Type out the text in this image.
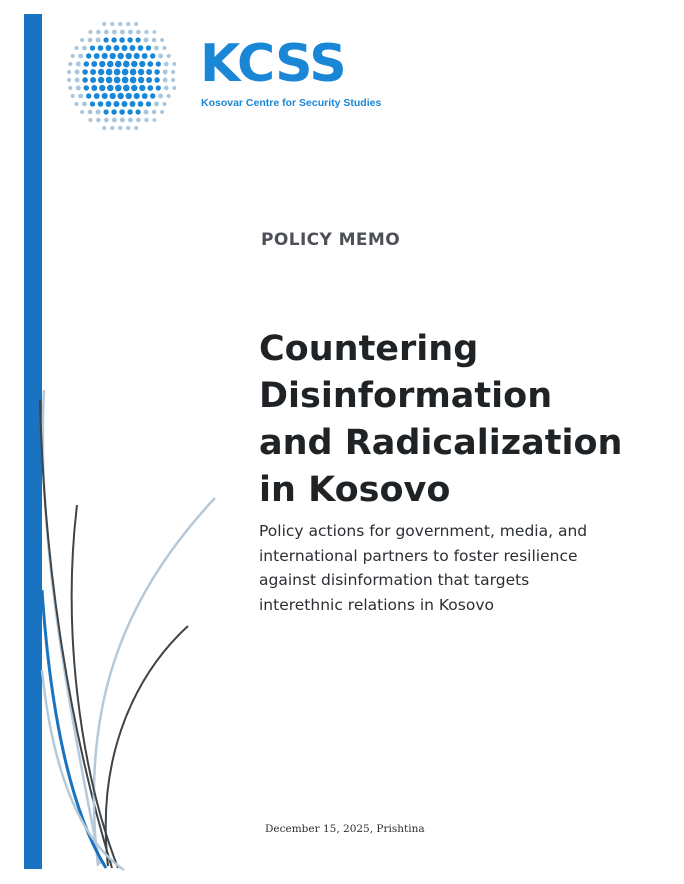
KCSS
Kosovar Centre for Security Studies
POLICY MEMO
Countering
Disinformation
and Radicalization
in Kosovo
Policy actions for government, media, and
international partners to foster resilience
against disinformation that targets
interethnic relations in Kosovo
December 15, 2025, Prishtina
